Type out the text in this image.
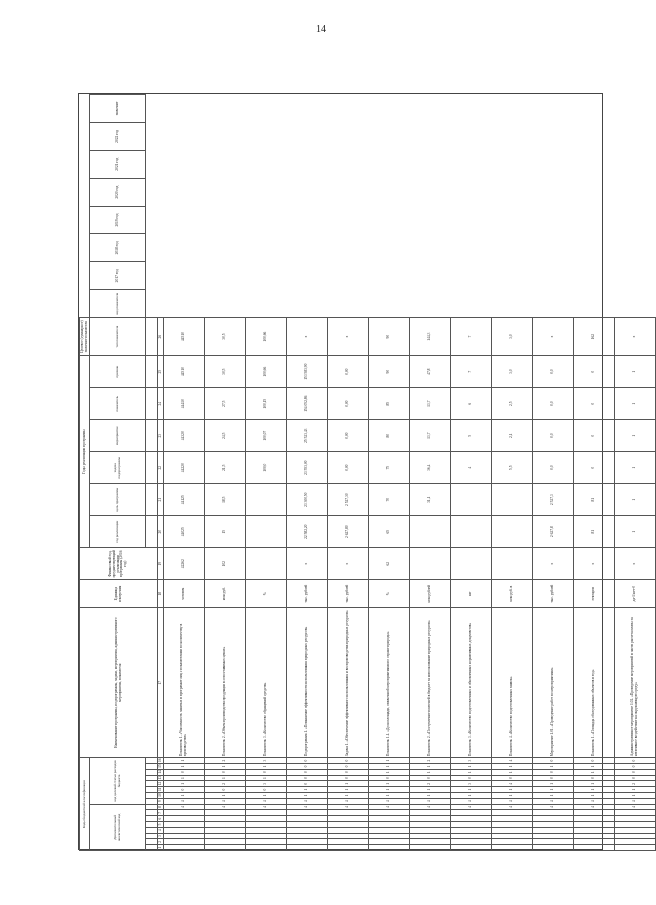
14
Коды бюджетной классификации																Наименование программы, подпрограммы, задачи, мероприятия, административного мероприятия, показателя	Единица измерения	Финансовый год, предшествующий реализации программы (2016 год)	Годы реализации программы						Целевое (суммарное) значение показателя								
Дополнительный аналитический код								код целевой статьи расходов бюджета											год реализации	цель программы	задача подпрограммы	мероприятие	показатель	признак	тип показателя	вид показателя	2017 год	2018 год	2019 год	2020 год	2021 год	2022 год	значение

1	2	3	4	5	6	7	8	9	10	11	12	13	14	15	16	17	18	19	20	21	22	23	24	25	26								
							4	4	1	0	1	1	0	1	1	Показатель 1. «Численность занятых в программе лиц с показателями по количеству в производстве»	человек	42262	44025	44125	44220	44320	44410	44510	44510								
							4	4	1	0	2	1	0	1	2	Показатель 2. «Объем производства продукции в сопоставимых ценах»	млн руб.	102	15	18,5	21,5	24,5	27,5	30,5	30,5								
							4	4	1	0	3	1	0	1	3	Показатель 3. «Количество обращений средств»	%				100,0	100,07	100,15	100,66	100,66								
							4	4	1	1	0	0	0	0	0	Подпрограмма 1. «Повышение эффективности использования природных ресурсов»	тыс. рублей	х	22 582,20	23 300,50	23 553,00	25 523,43	154 052,86	153 583,90	х								
							4	4	1	1	1	0	0	0	0	Задача 1. «Обеспечение эффективного использования и воспроизводства природных ресурсов»	тыс. рублей	х	2 627,80	2 527,30	0,00	0,00	0,00	0,00	х								
							4	4	1	1	1	0	1	1	1	Показатель 1.1. «Доля площади, охваченной мероприятиями по охране природы»	%	62	65	70	75	80	85	90	90								
							4	4	1	1	2	0	1	1	2	Показатель 2. «Поступление платежей в бюджет за использование природных ресурсов»	млн рублей			31,1	36,4	13,7	13,7	47,8	144,3								
							4	4	1	1	3	0	1	1	3	Показатель 3. «Количество подготовленных и обновленных нормативных документов»	шт				4	5	6	7	7								
							4	4	1	1	4	0	1	1	4	Показатель 4. «Количество подготовленных заявок»	млн руб. в				5,5	2,1	2,5	3,0	3,0								
							4	4	1	1	1	0	0	1	0	Мероприятие 1.01. «Проведение работ по мероприятиям»	тыс. рублей	х	2 627,8	2 527,3	0,0	0,0	0,0	0,0	х								
							4	4	1	1	1	0	1	1	0	Показатель 1. «Площадь обследованных объектов в год»	гектаров	х	81	81	0	0	0	0	162								
							4	4	1	1	2	0	0	0	0	Административное мероприятие 1.02. «Проведение мероприятий в части расчета платы за негативное воздействие на окружающую среду»	да-1/нет-0	х	1	1	1	1	1	1	х								
